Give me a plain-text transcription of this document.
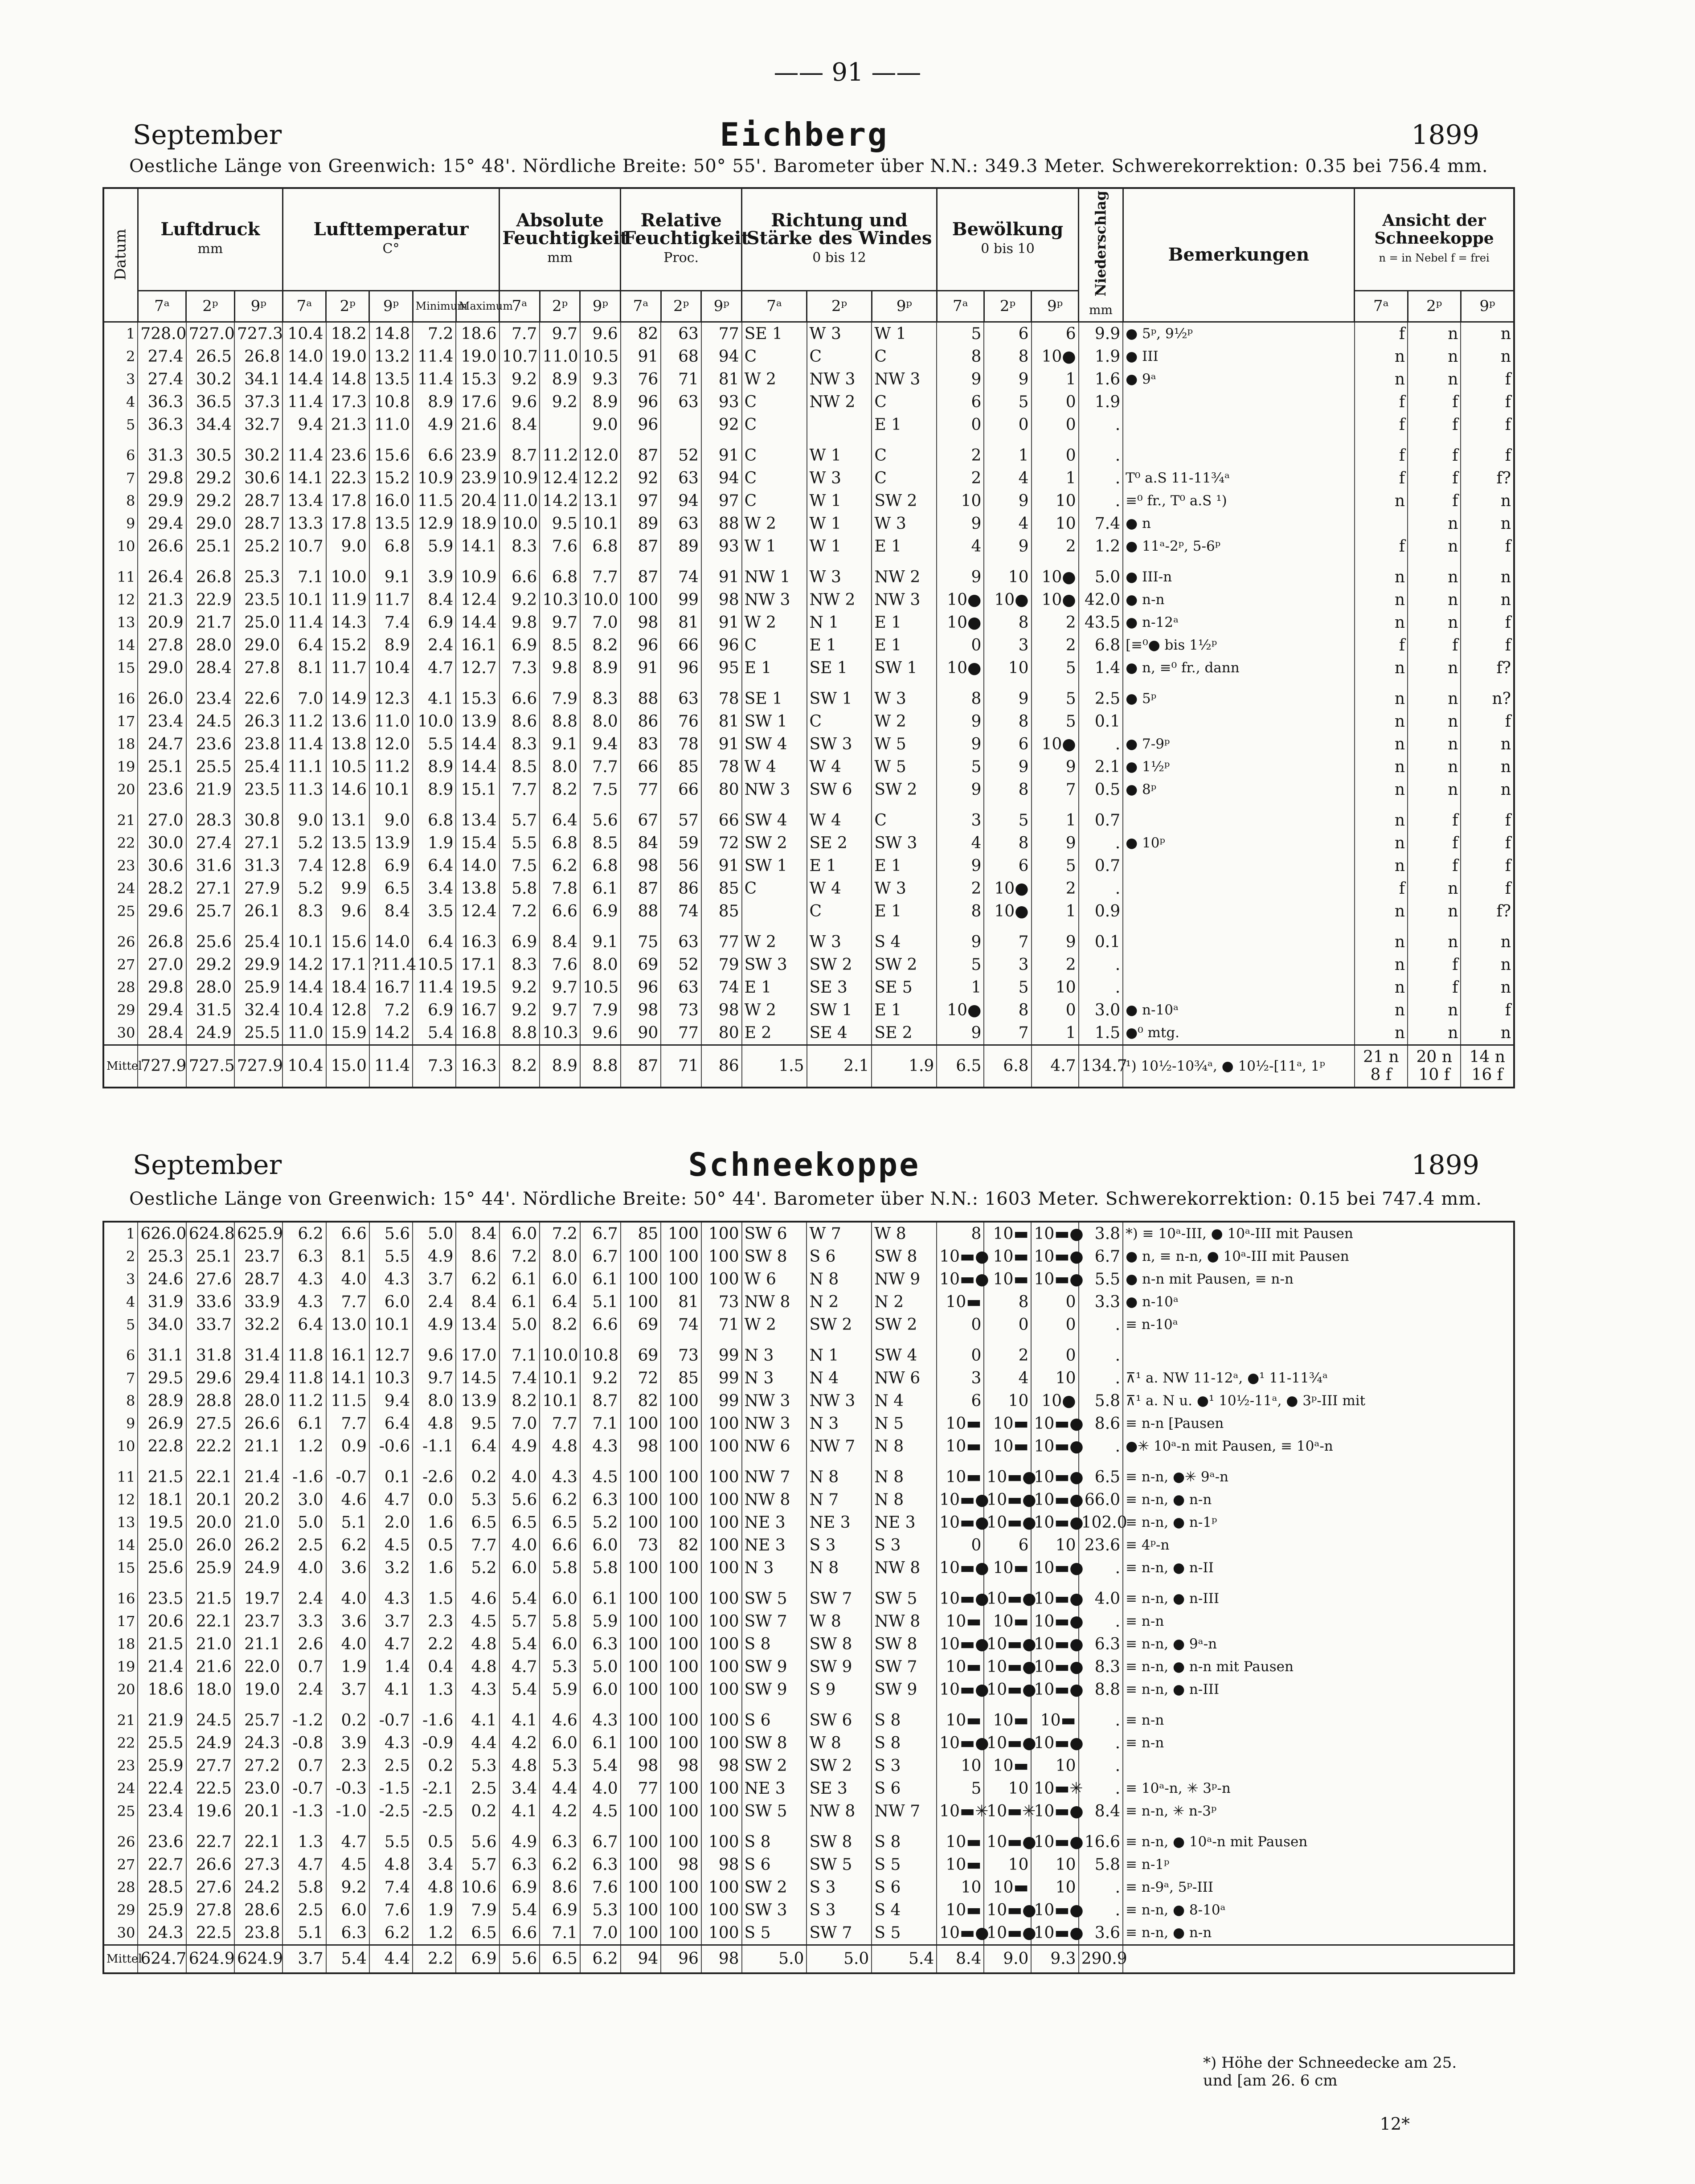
—— 91 ——
September	Eichberg	1899
Oestliche Länge von Greenwich: 15° 48'. Nördliche Breite: 50° 55'. Barometer über N.N.: 349.3 Meter. Schwerekorrektion: 0.35 bei 756.4 mm.
Datum	Luftdruck
mm			Lufttemperatur
C°					Absolute Feuchtigkeit
mm			Relative Feuchtigkeit
Proc.			Richtung und Stärke des Windes
0 bis 12			Bewölkung
0 bis 10			Niederschlag
mm	Bemerkungen	Ansicht der Schneekoppe
n = in Nebel f = frei		
	7ᵃ	2ᵖ	9ᵖ	7ᵃ	2ᵖ	9ᵖ	Minimum	Maximum	7ᵃ	2ᵖ	9ᵖ	7ᵃ	2ᵖ	9ᵖ	7ᵃ	2ᵖ	9ᵖ	7ᵃ	2ᵖ	9ᵖ			7ᵃ	2ᵖ	9ᵖ
1	728.0	727.0	727.3	10.4	18.2	14.8	7.2	18.6	7.7	9.7	9.6	82	63	77	SE 1	W 3	W 1	5	6	6	9.9	● 5ᵖ, 9½ᵖ	f	n	n
2	27.4	26.5	26.8	14.0	19.0	13.2	11.4	19.0	10.7	11.0	10.5	91	68	94	C	C	C	8	8	10●	1.9	● III	n	n	n
3	27.4	30.2	34.1	14.4	14.8	13.5	11.4	15.3	9.2	8.9	9.3	76	71	81	W 2	NW 3	NW 3	9	9	1	1.6	● 9ᵃ	n	n	f
4	36.3	36.5	37.3	11.4	17.3	10.8	8.9	17.6	9.6	9.2	8.9	96	63	93	C	NW 2	C	6	5	0	1.9		f	f	f
5	36.3	34.4	32.7	9.4	21.3	11.0	4.9	21.6	8.4		9.0	96		92	C		E 1	0	0	0	.		f	f	f
6	31.3	30.5	30.2	11.4	23.6	15.6	6.6	23.9	8.7	11.2	12.0	87	52	91	C	W 1	C	2	1	0	.		f	f	f
7	29.8	29.2	30.6	14.1	22.3	15.2	10.9	23.9	10.9	12.4	12.2	92	63	94	C	W 3	C	2	4	1	.	T⁰ a.S 11-11¾ᵃ	f	f	f?
8	29.9	29.2	28.7	13.4	17.8	16.0	11.5	20.4	11.0	14.2	13.1	97	94	97	C	W 1	SW 2	10	9	10	.	≡⁰ fr., T⁰ a.S ¹)	n	f	n
9	29.4	29.0	28.7	13.3	17.8	13.5	12.9	18.9	10.0	9.5	10.1	89	63	88	W 2	W 1	W 3	9	4	10	7.4	● n		n	n
10	26.6	25.1	25.2	10.7	9.0	6.8	5.9	14.1	8.3	7.6	6.8	87	89	93	W 1	W 1	E 1	4	9	2	1.2	● 11ᵃ-2ᵖ, 5-6ᵖ	f	n	f
11	26.4	26.8	25.3	7.1	10.0	9.1	3.9	10.9	6.6	6.8	7.7	87	74	91	NW 1	W 3	NW 2	9	10	10●	5.0	● III-n	n	n	n
12	21.3	22.9	23.5	10.1	11.9	11.7	8.4	12.4	9.2	10.3	10.0	100	99	98	NW 3	NW 2	NW 3	10●	10●	10●	42.0	● n-n	n	n	n
13	20.9	21.7	25.0	11.4	14.3	7.4	6.9	14.4	9.8	9.7	7.0	98	81	91	W 2	N 1	E 1	10●	8	2	43.5	● n-12ᵃ	n	n	f
14	27.8	28.0	29.0	6.4	15.2	8.9	2.4	16.1	6.9	8.5	8.2	96	66	96	C	E 1	E 1	0	3	2	6.8	[≡⁰● bis 1½ᵖ	f	f	f
15	29.0	28.4	27.8	8.1	11.7	10.4	4.7	12.7	7.3	9.8	8.9	91	96	95	E 1	SE 1	SW 1	10●	10	5	1.4	● n, ≡⁰ fr., dann	n	n	f?
16	26.0	23.4	22.6	7.0	14.9	12.3	4.1	15.3	6.6	7.9	8.3	88	63	78	SE 1	SW 1	W 3	8	9	5	2.5	● 5ᵖ	n	n	n?
17	23.4	24.5	26.3	11.2	13.6	11.0	10.0	13.9	8.6	8.8	8.0	86	76	81	SW 1	C	W 2	9	8	5	0.1		n	n	f
18	24.7	23.6	23.8	11.4	13.8	12.0	5.5	14.4	8.3	9.1	9.4	83	78	91	SW 4	SW 3	W 5	9	6	10●	.	● 7-9ᵖ	n	n	n
19	25.1	25.5	25.4	11.1	10.5	11.2	8.9	14.4	8.5	8.0	7.7	66	85	78	W 4	W 4	W 5	5	9	9	2.1	● 1½ᵖ	n	n	n
20	23.6	21.9	23.5	11.3	14.6	10.1	8.9	15.1	7.7	8.2	7.5	77	66	80	NW 3	SW 6	SW 2	9	8	7	0.5	● 8ᵖ	n	n	n
21	27.0	28.3	30.8	9.0	13.1	9.0	6.8	13.4	5.7	6.4	5.6	67	57	66	SW 4	W 4	C	3	5	1	0.7		n	f	f
22	30.0	27.4	27.1	5.2	13.5	13.9	1.9	15.4	5.5	6.8	8.5	84	59	72	SW 2	SE 2	SW 3	4	8	9	.	● 10ᵖ	n	f	f
23	30.6	31.6	31.3	7.4	12.8	6.9	6.4	14.0	7.5	6.2	6.8	98	56	91	SW 1	E 1	E 1	9	6	5	0.7		n	f	f
24	28.2	27.1	27.9	5.2	9.9	6.5	3.4	13.8	5.8	7.8	6.1	87	86	85	C	W 4	W 3	2	10●	2	.		f	n	f
25	29.6	25.7	26.1	8.3	9.6	8.4	3.5	12.4	7.2	6.6	6.9	88	74	85		C	E 1	8	10●	1	0.9		n	n	f?
26	26.8	25.6	25.4	10.1	15.6	14.0	6.4	16.3	6.9	8.4	9.1	75	63	77	W 2	W 3	S 4	9	7	9	0.1		n	n	n
27	27.0	29.2	29.9	14.2	17.1	?11.4	10.5	17.1	8.3	7.6	8.0	69	52	79	SW 3	SW 2	SW 2	5	3	2	.		n	f	n
28	29.8	28.0	25.9	14.4	18.4	16.7	11.4	19.5	9.2	9.7	10.5	96	63	74	E 1	SE 3	SE 5	1	5	10	.		n	f	n
29	29.4	31.5	32.4	10.4	12.8	7.2	6.9	16.7	9.2	9.7	7.9	98	73	98	W 2	SW 1	E 1	10●	8	0	3.0	● n-10ᵃ	n	n	f
30	28.4	24.9	25.5	11.0	15.9	14.2	5.4	16.8	8.8	10.3	9.6	90	77	80	E 2	SE 4	SE 2	9	7	1	1.5	●⁰ mtg.	n	n	n
Mittel	727.9	727.5	727.9	10.4	15.0	11.4	7.3	16.3	8.2	8.9	8.8	87	71	86	1.5	2.1	1.9	6.5	6.8	4.7	134.7	¹) 10½-10¾ᵃ, ● 10½-[11ᵃ, 1ᵖ	21 n 8 f	20 n 10 f	14 n 16 f
September	Schneekoppe	1899
Oestliche Länge von Greenwich: 15° 44'. Nördliche Breite: 50° 44'. Barometer über N.N.: 1603 Meter. Schwerekorrektion: 0.15 bei 747.4 mm.
1	626.0	624.8	625.9	6.2	6.6	5.6	5.0	8.4	6.0	7.2	6.7	85	100	100	SW 6	W 7	W 8	8	10▬	10▬●	3.8	*) ≡ 10ᵃ-III, ● 10ᵃ-III mit Pausen
2	25.3	25.1	23.7	6.3	8.1	5.5	4.9	8.6	7.2	8.0	6.7	100	100	100	SW 8	S 6	SW 8	10▬●	10▬	10▬●	6.7	● n, ≡ n-n, ● 10ᵃ-III mit Pausen
3	24.6	27.6	28.7	4.3	4.0	4.3	3.7	6.2	6.1	6.0	6.1	100	100	100	W 6	N 8	NW 9	10▬●	10▬	10▬●	5.5	● n-n mit Pausen, ≡ n-n
4	31.9	33.6	33.9	4.3	7.7	6.0	2.4	8.4	6.1	6.4	5.1	100	81	73	NW 8	N 2	N 2	10▬	8	0	3.3	● n-10ᵃ
5	34.0	33.7	32.2	6.4	13.0	10.1	4.9	13.4	5.0	8.2	6.6	69	74	71	W 2	SW 2	SW 2	0	0	0	.	≡ n-10ᵃ
6	31.1	31.8	31.4	11.8	16.1	12.7	9.6	17.0	7.1	10.0	10.8	69	73	99	N 3	N 1	SW 4	0	2	0	.	
7	29.5	29.6	29.4	11.8	14.1	10.3	9.7	14.5	7.4	10.1	9.2	72	85	99	N 3	N 4	NW 6	3	4	10	.	⊼¹ a. NW 11-12ᵃ, ●¹ 11-11¾ᵃ
8	28.9	28.8	28.0	11.2	11.5	9.4	8.0	13.9	8.2	10.1	8.7	82	100	99	NW 3	NW 3	N 4	6	10	10●	5.8	⊼¹ a. N u. ●¹ 10½-11ᵃ, ● 3ᵖ-III mit
9	26.9	27.5	26.6	6.1	7.7	6.4	4.8	9.5	7.0	7.7	7.1	100	100	100	NW 3	N 3	N 5	10▬	10▬	10▬●	8.6	≡ n-n [Pausen
10	22.8	22.2	21.1	1.2	0.9	-0.6	-1.1	6.4	4.9	4.8	4.3	98	100	100	NW 6	NW 7	N 8	10▬	10▬	10▬●	.	●✳ 10ᵃ-n mit Pausen, ≡ 10ᵃ-n
11	21.5	22.1	21.4	-1.6	-0.7	0.1	-2.6	0.2	4.0	4.3	4.5	100	100	100	NW 7	N 8	N 8	10▬	10▬●	10▬●	6.5	≡ n-n, ●✳ 9ᵃ-n
12	18.1	20.1	20.2	3.0	4.6	4.7	0.0	5.3	5.6	6.2	6.3	100	100	100	NW 8	N 7	N 8	10▬●	10▬●	10▬●	66.0	≡ n-n, ● n-n
13	19.5	20.0	21.0	5.0	5.1	2.0	1.6	6.5	6.5	6.5	5.2	100	100	100	NE 3	NE 3	NE 3	10▬●	10▬●	10▬●	102.0	≡ n-n, ● n-1ᵖ
14	25.0	26.0	26.2	2.5	6.2	4.5	0.5	7.7	4.0	6.6	6.0	73	82	100	NE 3	S 3	S 3	0	6	10	23.6	≡ 4ᵖ-n
15	25.6	25.9	24.9	4.0	3.6	3.2	1.6	5.2	6.0	5.8	5.8	100	100	100	N 3	N 8	NW 8	10▬●	10▬	10▬●	.	≡ n-n, ● n-II
16	23.5	21.5	19.7	2.4	4.0	4.3	1.5	4.6	5.4	6.0	6.1	100	100	100	SW 5	SW 7	SW 5	10▬●	10▬●	10▬●	4.0	≡ n-n, ● n-III
17	20.6	22.1	23.7	3.3	3.6	3.7	2.3	4.5	5.7	5.8	5.9	100	100	100	SW 7	W 8	NW 8	10▬	10▬	10▬●	.	≡ n-n
18	21.5	21.0	21.1	2.6	4.0	4.7	2.2	4.8	5.4	6.0	6.3	100	100	100	S 8	SW 8	SW 8	10▬●	10▬●	10▬●	6.3	≡ n-n, ● 9ᵃ-n
19	21.4	21.6	22.0	0.7	1.9	1.4	0.4	4.8	4.7	5.3	5.0	100	100	100	SW 9	SW 9	SW 7	10▬	10▬●	10▬●	8.3	≡ n-n, ● n-n mit Pausen
20	18.6	18.0	19.0	2.4	3.7	4.1	1.3	4.3	5.4	5.9	6.0	100	100	100	SW 9	S 9	SW 9	10▬●	10▬●	10▬●	8.8	≡ n-n, ● n-III
21	21.9	24.5	25.7	-1.2	0.2	-0.7	-1.6	4.1	4.1	4.6	4.3	100	100	100	S 6	SW 6	S 8	10▬	10▬	10▬	.	≡ n-n
22	25.5	24.9	24.3	-0.8	3.9	4.3	-0.9	4.4	4.2	6.0	6.1	100	100	100	SW 8	W 8	S 8	10▬●	10▬●	10▬●	.	≡ n-n
23	25.9	27.7	27.2	0.7	2.3	2.5	0.2	5.3	4.8	5.3	5.4	98	98	98	SW 2	SW 2	S 3	10	10▬	10	.	
24	22.4	22.5	23.0	-0.7	-0.3	-1.5	-2.1	2.5	3.4	4.4	4.0	77	100	100	NE 3	SE 3	S 6	5	10	10▬✳	.	≡ 10ᵃ-n, ✳ 3ᵖ-n
25	23.4	19.6	20.1	-1.3	-1.0	-2.5	-2.5	0.2	4.1	4.2	4.5	100	100	100	SW 5	NW 8	NW 7	10▬✳	10▬✳	10▬●	8.4	≡ n-n, ✳ n-3ᵖ
26	23.6	22.7	22.1	1.3	4.7	5.5	0.5	5.6	4.9	6.3	6.7	100	100	100	S 8	SW 8	S 8	10▬	10▬●	10▬●	16.6	≡ n-n, ● 10ᵃ-n mit Pausen
27	22.7	26.6	27.3	4.7	4.5	4.8	3.4	5.7	6.3	6.2	6.3	100	98	98	S 6	SW 5	S 5	10▬	10	10	5.8	≡ n-1ᵖ
28	28.5	27.6	24.2	5.8	9.2	7.4	4.8	10.6	6.9	8.6	7.6	100	100	100	SW 2	S 3	S 6	10	10▬	10	.	≡ n-9ᵃ, 5ᵖ-III
29	25.9	27.8	28.6	2.5	6.0	7.6	1.9	7.9	5.4	6.9	5.3	100	100	100	SW 3	S 3	S 4	10▬	10▬●	10▬●	.	≡ n-n, ● 8-10ᵃ
30	24.3	22.5	23.8	5.1	6.3	6.2	1.2	6.5	6.6	7.1	7.0	100	100	100	S 5	SW 7	S 5	10▬●	10▬●	10▬●	3.6	≡ n-n, ● n-n
Mittel	624.7	624.9	624.9	3.7	5.4	4.4	2.2	6.9	5.6	6.5	6.2	94	96	98	5.0	5.0	5.4	8.4	9.0	9.3	290.9	
*) Höhe der Schneedecke am 25. und [am 26. 6 cm
12*
